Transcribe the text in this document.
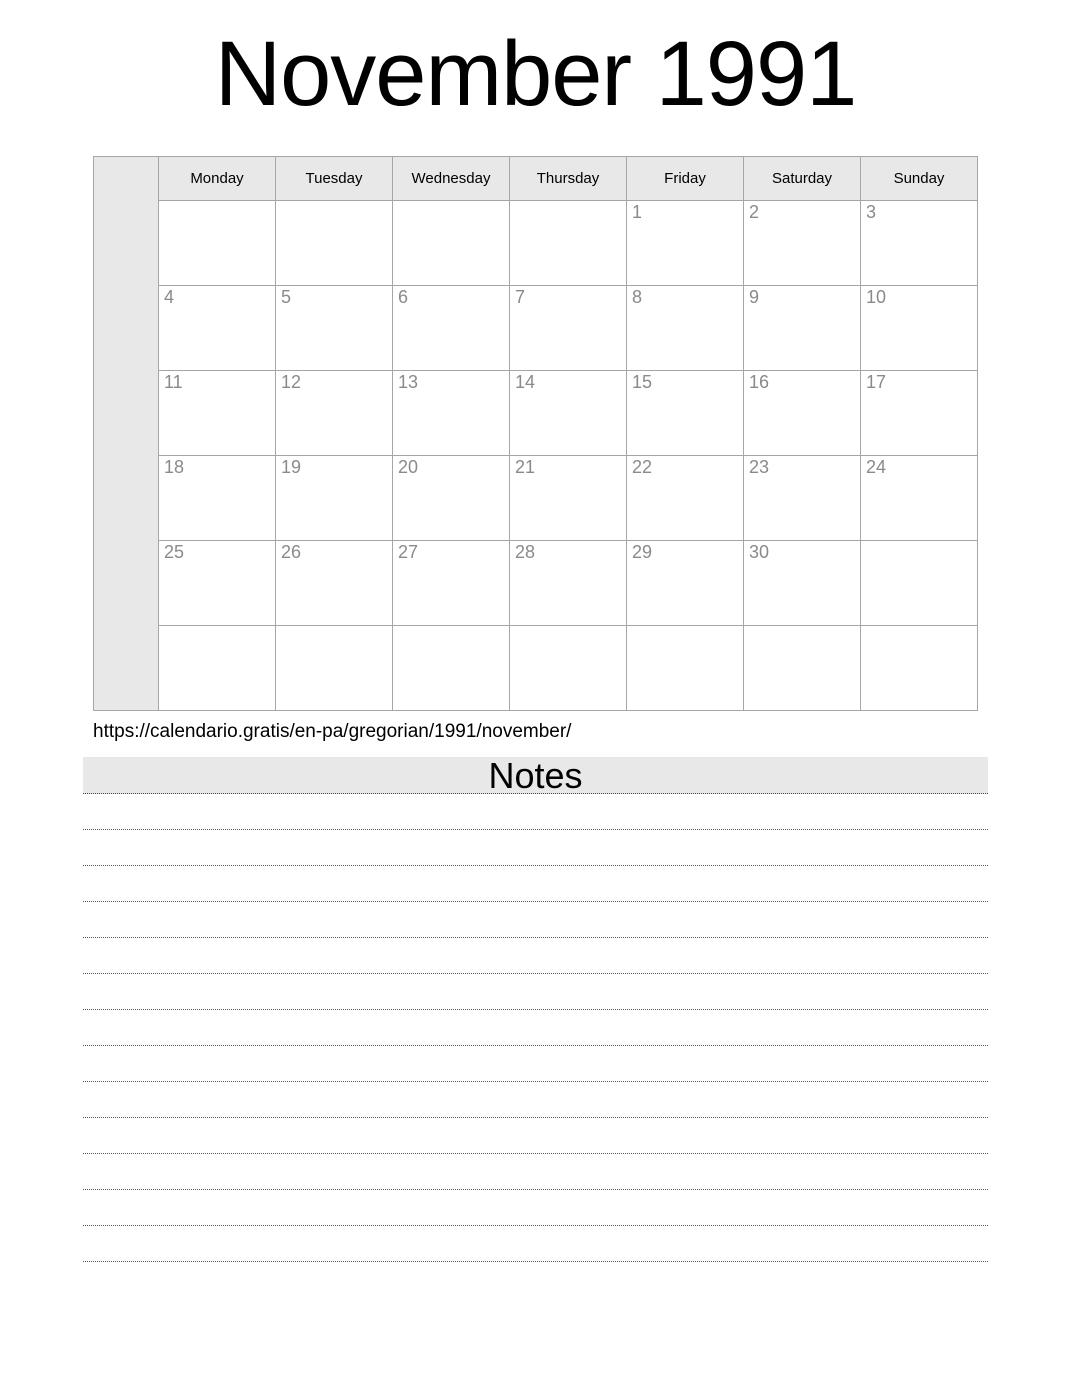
November 1991
	Monday	Tuesday	Wednesday	Thursday	Friday	Saturday	Sunday
					1	2	3
	4	5	6	7	8	9	10
	11	12	13	14	15	16	17
	18	19	20	21	22	23	24
	25	26	27	28	29	30	

https://calendario.gratis/en-pa/gregorian/1991/november/
Notes
